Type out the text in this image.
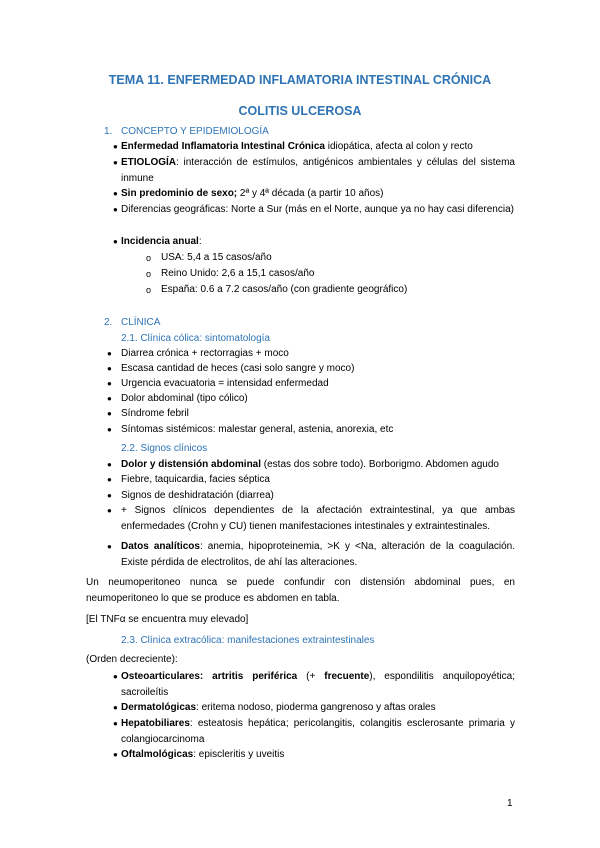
TEMA 11. ENFERMEDAD INFLAMATORIA INTESTINAL CRÓNICA
COLITIS ULCEROSA
1. CONCEPTO Y EPIDEMIOLOGÍA
● Enfermedad Inflamatoria Intestinal Crónica idiopática, afecta al colon y recto
● ETIOLOGÍA: interacción de estímulos, antigénicos ambientales y células del sistema inmune
● Sin predominio de sexo; 2ª y 4ª década (a partir 10 años)
● Diferencias geográficas: Norte a Sur (más en el Norte, aunque ya no hay casi diferencia)
● Incidencia anual:
o USA: 5,4 a 15 casos/año
o Reino Unido: 2,6 a 15,1 casos/año
o España: 0.6 a 7.2 casos/año (con gradiente geográfico)
2. CLÍNICA
2.1. Clínica cólica: sintomatología
● Diarrea crónica + rectorragias + moco
● Escasa cantidad de heces (casi solo sangre y moco)
● Urgencia evacuatoria = intensidad enfermedad
● Dolor abdominal (tipo cólico)
● Síndrome febril
● Síntomas sistémicos: malestar general, astenia, anorexia, etc
2.2. Signos clínicos
● Dolor y distensión abdominal (estas dos sobre todo). Borborigmo. Abdomen agudo
● Fiebre, taquicardia, facies séptica
● Signos de deshidratación (diarrea)
● + Signos clínicos dependientes de la afectación extraintestinal, ya que ambas enfermedades (Crohn y CU) tienen manifestaciones intestinales y extraintestinales.
● Datos analíticos: anemia, hipoproteinemia, >K y <Na, alteración de la coagulación. Existe pérdida de electrolitos, de ahí las alteraciones.
Un neumoperitoneo nunca se puede confundir con distensión abdominal pues, en neumoperitoneo lo que se produce es abdomen en tabla.
[El TNFα se encuentra muy elevado]
2.3. Clínica extracólica: manifestaciones extraintestinales
(Orden decreciente):
● Osteoarticulares: artritis periférica (+ frecuente), espondilitis anquilopoyética; sacroileítis
● Dermatológicas: eritema nodoso, pioderma gangrenoso y aftas orales
● Hepatobiliares: esteatosis hepática; pericolangitis, colangitis esclerosante primaria y colangiocarcinoma
● Oftalmológicas: episcleritis y uveitis
1
